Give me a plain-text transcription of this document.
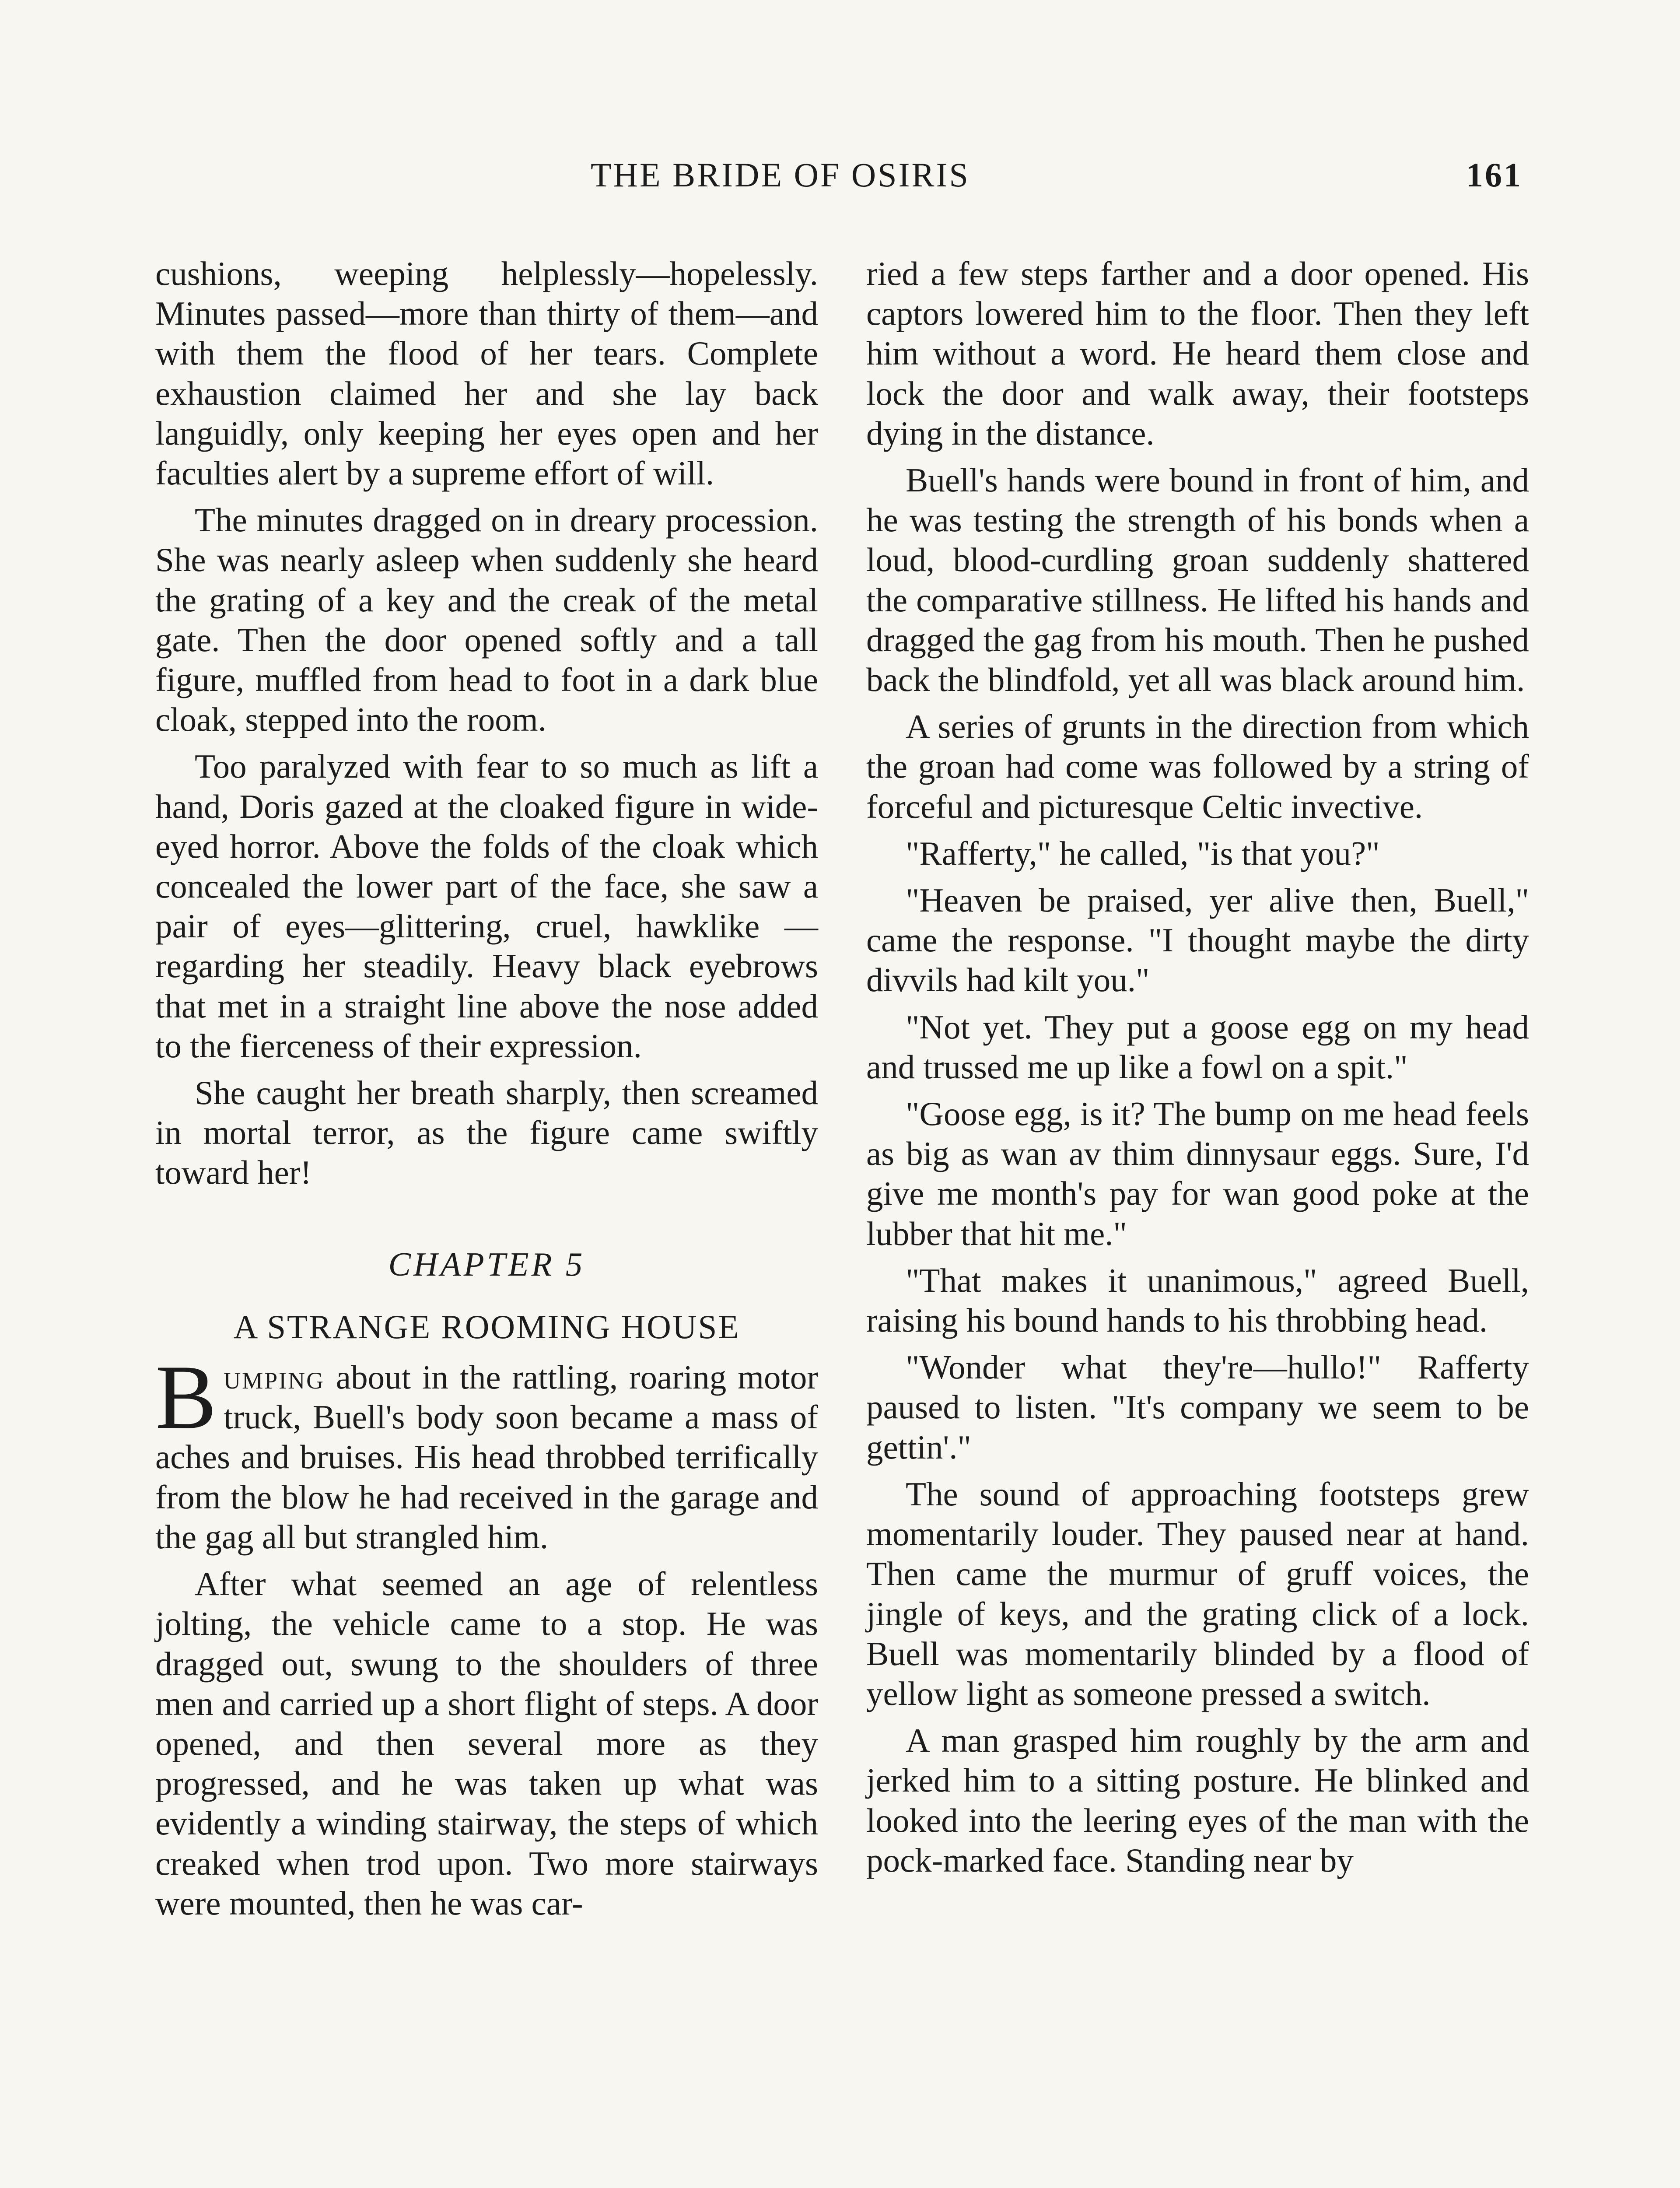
THE BRIDE OF OSIRIS	161

cushions, weeping helplessly—hopelessly. Minutes passed—more than thirty of them—and with them the flood of her tears. Complete exhaustion claimed her and she lay back languidly, only keeping her eyes open and her faculties alert by a supreme effort of will.

The minutes dragged on in dreary procession. She was nearly asleep when suddenly she heard the grating of a key and the creak of the metal gate. Then the door opened softly and a tall figure, muffled from head to foot in a dark blue cloak, stepped into the room.

Too paralyzed with fear to so much as lift a hand, Doris gazed at the cloaked figure in wide-eyed horror. Above the folds of the cloak which concealed the lower part of the face, she saw a pair of eyes—glittering, cruel, hawklike — regarding her steadily. Heavy black eyebrows that met in a straight line above the nose added to the fierceness of their expression.

She caught her breath sharply, then screamed in mortal terror, as the figure came swiftly toward her!

CHAPTER 5
A STRANGE ROOMING HOUSE

Bumping about in the rattling, roaring motor truck, Buell's body soon became a mass of aches and bruises. His head throbbed terrifically from the blow he had received in the garage and the gag all but strangled him.

After what seemed an age of relentless jolting, the vehicle came to a stop. He was dragged out, swung to the shoulders of three men and carried up a short flight of steps. A door opened, and then several more as they progressed, and he was taken up what was evidently a winding stairway, the steps of which creaked when trod upon. Two more stairways were mounted, then he was car-

ried a few steps farther and a door opened. His captors lowered him to the floor. Then they left him without a word. He heard them close and lock the door and walk away, their footsteps dying in the distance.

Buell's hands were bound in front of him, and he was testing the strength of his bonds when a loud, blood-curdling groan suddenly shattered the comparative stillness. He lifted his hands and dragged the gag from his mouth. Then he pushed back the blindfold, yet all was black around him.

A series of grunts in the direction from which the groan had come was followed by a string of forceful and picturesque Celtic invective.

"Rafferty," he called, "is that you?"

"Heaven be praised, yer alive then, Buell," came the response. "I thought maybe the dirty divvils had kilt you."

"Not yet. They put a goose egg on my head and trussed me up like a fowl on a spit."

"Goose egg, is it? The bump on me head feels as big as wan av thim dinnysaur eggs. Sure, I'd give me month's pay for wan good poke at the lubber that hit me."

"That makes it unanimous," agreed Buell, raising his bound hands to his throbbing head.

"Wonder what they're—hullo!" Rafferty paused to listen. "It's company we seem to be gettin'."

The sound of approaching footsteps grew momentarily louder. They paused near at hand. Then came the murmur of gruff voices, the jingle of keys, and the grating click of a lock. Buell was momentarily blinded by a flood of yellow light as someone pressed a switch.

A man grasped him roughly by the arm and jerked him to a sitting posture. He blinked and looked into the leering eyes of the man with the pock-marked face. Standing near by
